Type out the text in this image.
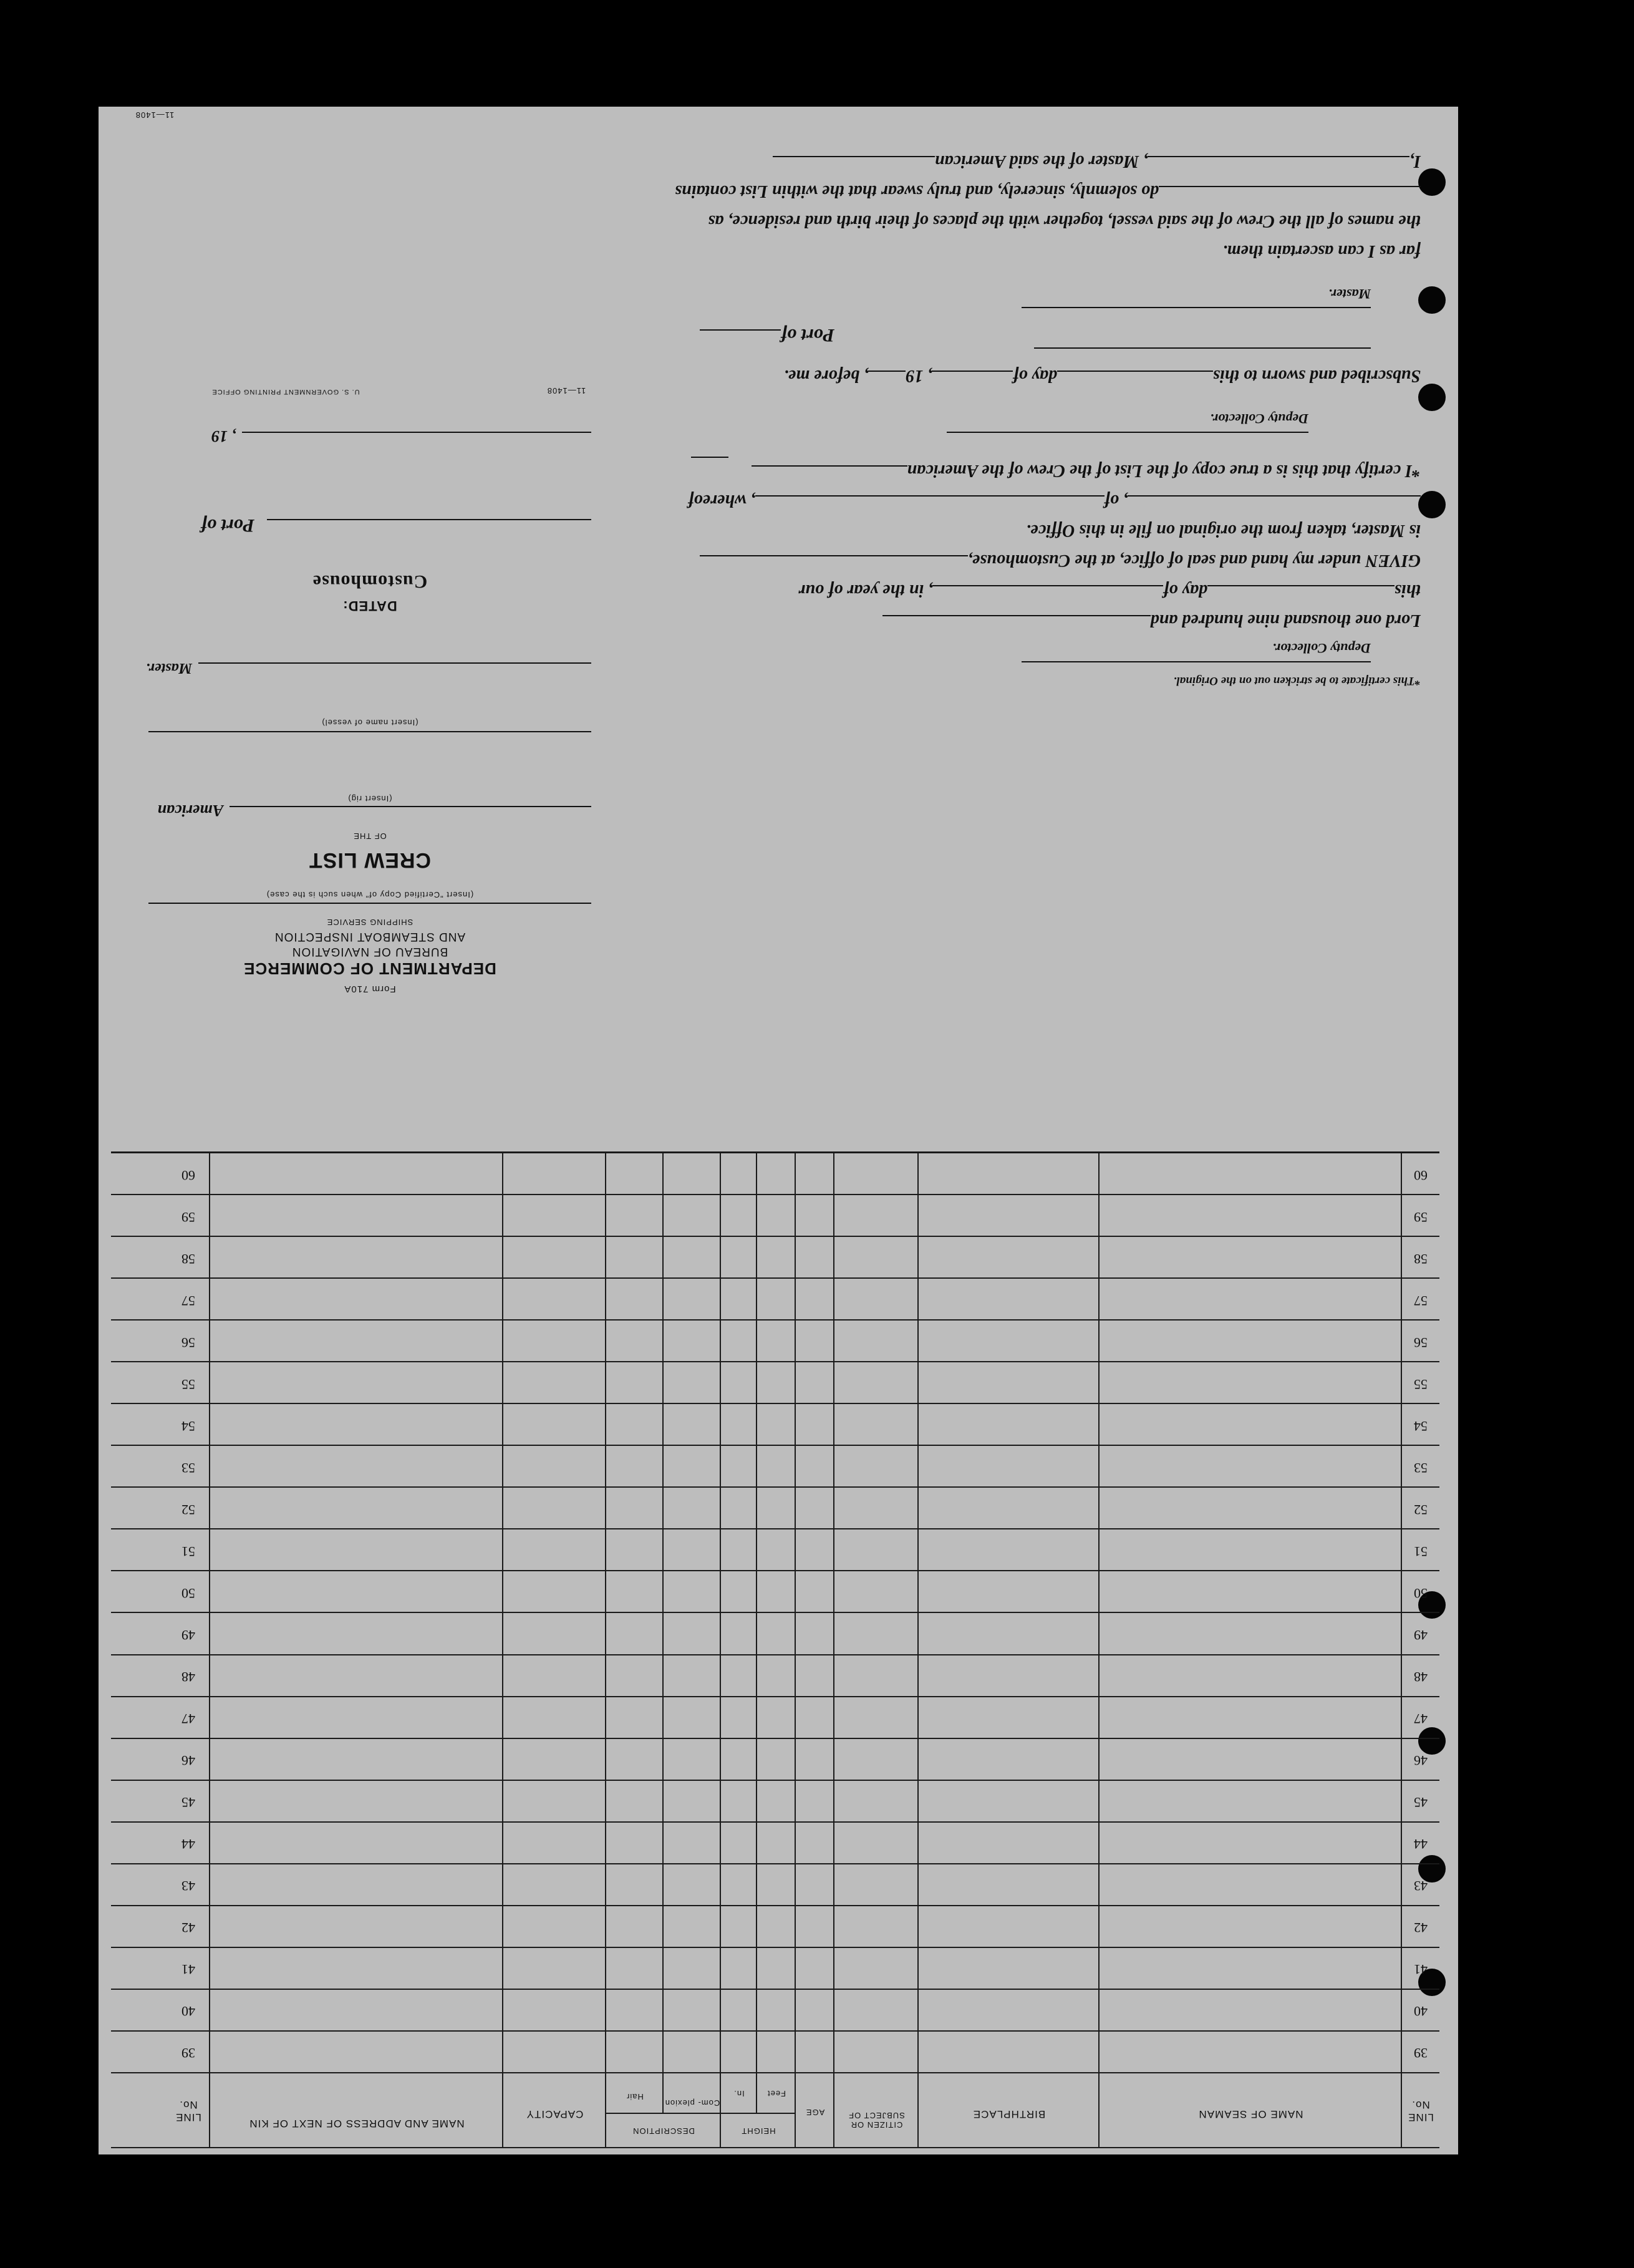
LINE No.
NAME OF SEAMAN
BIRTHPLACE
CITIZEN OR SUBJECT OF
AGE
HEIGHT
Feet
In.
DESCRIPTION
Com- plexion
Hair
CAPACITY
NAME AND ADDRESS OF NEXT OF KIN
LINE No.
39
39
40
40
41
41
42
42
43
43
44
44
45
45
46
46
47
47
48
48
49
49
50
50
51
51
52
52
53
53
54
54
55
55
56
56
57
57
58
58
59
59
60
60
I,, Master of the said American
do solemnly, sincerely, and truly swear that the within List contains
the names of all the Crew of the said vessel, together with the places of their birth and residence, as
far as I can ascertain them.
Master.
Port of
Subscribed and sworn to thisday of, 19, before me.
Deputy Collector.
*I certify that this is a true copy of the List of the Crew of the American
, of, whereof
is Master, taken from the original on file in this Office.
GIVEN under my hand and seal of office, at the Customhouse,
thisday of, in the year of our
Lord one thousand nine hundred and
Deputy Collector.
*This certificate to be stricken out on the Original.
Form 710A
DEPARTMENT OF COMMERCE
BUREAU OF NAVIGATION
AND STEAMBOAT INSPECTION
SHIPPING SERVICE
(Insert "Certified Copy of" when such is the case)
CREW LIST
OF THE
American
(Insert rig)
(Insert name of vessel)
Master.
DATED:
Customhouse
Port of
, 19
11—1408
U. S. GOVERNMENT PRINTING OFFICE
11—1408
